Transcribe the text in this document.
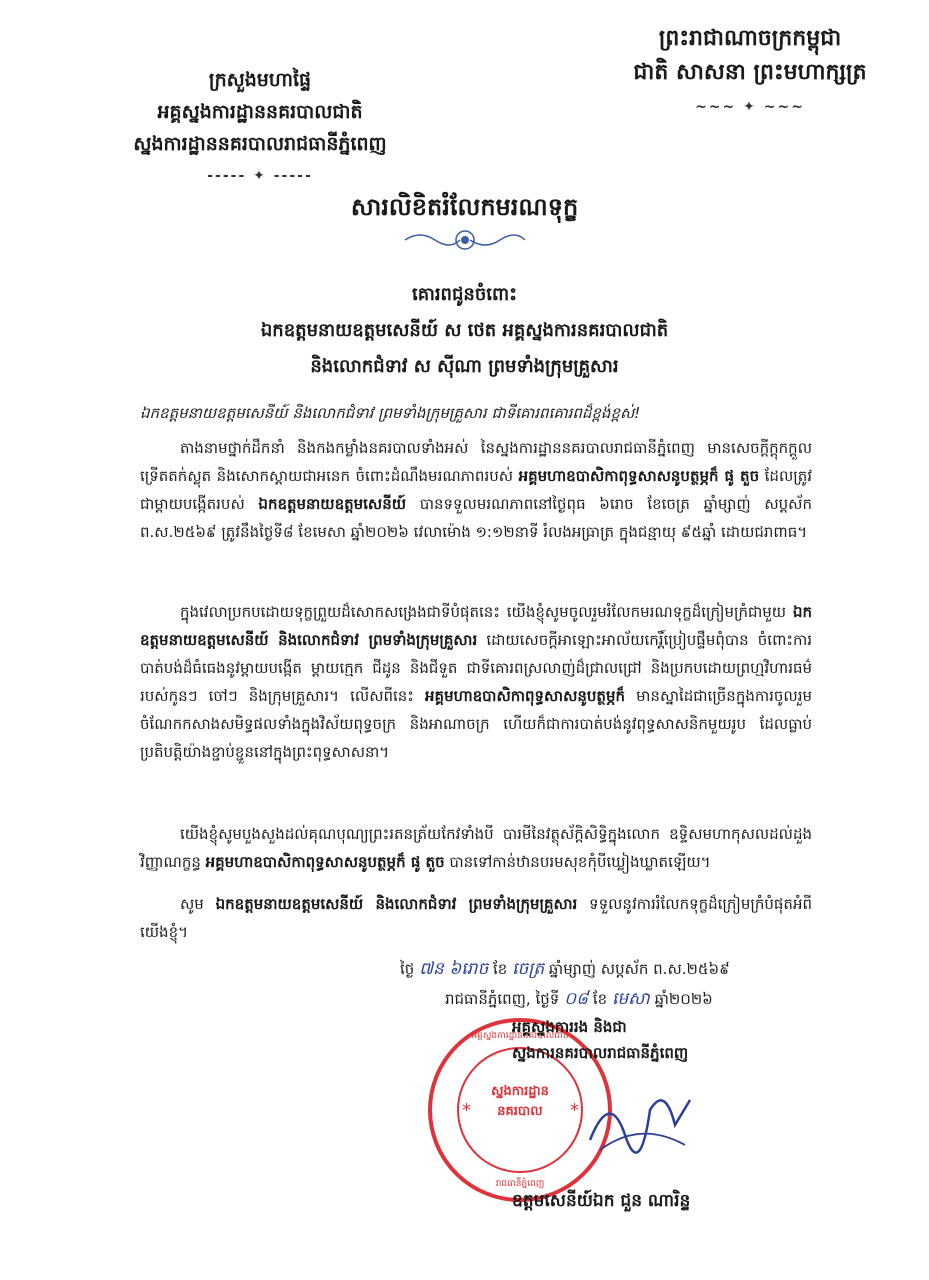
ព្រះរាជាណាចក្រកម្ពុជា
ជាតិ សាសនា ព្រះមហាក្សត្រ
~~~ ✦ ~~~
ក្រសួងមហាផ្ទៃ
អគ្គស្នងការដ្ឋាននគរបាលជាតិ
ស្នងការដ្ឋាននគរបាលរាជធានីភ្នំពេញ
----- ✦ -----
សារលិខិតរំលែកមរណទុក្ខ
គោរពជូនចំពោះ
ឯកឧត្តមនាយឧត្តមសេនីយ៍ ស ថេត អគ្គស្នងការនគរបាលជាតិ
និងលោកជំទាវ ស ស៊ីណា ព្រមទាំងក្រុមគ្រួសារ
ឯកឧត្តមនាយឧត្តមសេនីយ៍ និងលោកជំទាវ ព្រមទាំងក្រុមគ្រួសារ ជាទីគោរពគោរពដ៏ខ្ពង់ខ្ពស់!
តាងនាមថ្នាក់ដឹកនាំ និងកងកម្លាំងនគរបាលទាំងអស់ នៃស្នងការដ្ឋាននគរបាលរាជធានីភ្នំពេញ មានសេចក្តីក្តុកក្តួល ទ្រើតតក់ស្លុត និងសោកស្តាយជាអនេក ចំពោះដំណឹងមរណភាពរបស់ អគ្គមហាឧបាសិកាពុទ្ធសាសនូបត្ថម្ភក៏ ផូ តួច ដែលត្រូវជាម្តាយបង្កើតរបស់ ឯកឧត្តមនាយឧត្តមសេនីយ៍ បានទទួលមរណភាពនៅថ្ងៃពុធ ៦រោច ខែចេត្រ ឆ្នាំម្សាញ់ សប្តស័ក ព.ស.២៥៦៩ ត្រូវនឹងថ្ងៃទី៨ ខែមេសា ឆ្នាំ២០២៦ វេលាម៉ោង ១:១២នាទី រំលងអធ្រាត្រ ក្នុងជន្មាយុ ៩៥ឆ្នាំ ដោយជរាពាធ។
ក្នុងវេលាប្រកបដោយទុក្ខព្រួយដ៏សោកសង្រេងជាទីបំផុតនេះ យើងខ្ញុំសូមចូលរួមរំលែកមរណទុក្ខដ៏ក្រៀមក្រំជាមួយ ឯកឧត្តមនាយឧត្តមសេនីយ៍ និងលោកជំទាវ ព្រមទាំងក្រុមគ្រួសារ ដោយសេចក្តីអាឡោះអាល័យកេរ្តិ៍ប្រៀបផ្ទឹមពុំបាន ចំពោះការបាត់បង់ដ៏ធំធេងនូវម្តាយបង្កើត ម្តាយក្មេក ជីដូន និងជីទួត ជាទីគោរពស្រលាញ់ដ៏ជ្រាលជ្រៅ និងប្រកបដោយព្រហ្មវិហារធម៌របស់កូនៗ ចៅៗ និងក្រុមគ្រួសារ។ លើសពីនេះ អគ្គមហាឧបាសិកាពុទ្ធសាសនូបត្ថម្ភក៏ មានស្នាដៃជាច្រើនក្នុងការចូលរួមចំណែកកសាងសមិទ្ធផលទាំងក្នុងវិស័យពុទ្ធចក្រ និងអាណាចក្រ ហើយក៏ជាការបាត់បង់នូវពុទ្ធសាសនិកមួយរូប ដែលធ្លាប់ប្រតិបត្តិយ៉ាងខ្ជាប់ខ្ជួននៅក្នុងព្រះពុទ្ធសាសនា។
យើងខ្ញុំសូមបួងសួងដល់គុណបុណ្យព្រះរតនត្រ័យកែវទាំងបី បារមីនៃវត្ថុស័ក្តិសិទ្ធិក្នុងលោក ឧទ្ទិសមហាកុសលដល់ដួងវិញ្ញាណក្ខន្ធ អគ្គមហាឧបាសិកាពុទ្ធសាសនូបត្ថម្ភក៏ ផូ តួច បានទៅកាន់ឋានបរមសុខកុំបីឃ្លៀងឃ្លាតឡើយ។
សូម ឯកឧត្តមនាយឧត្តមសេនីយ៍ និងលោកជំទាវ ព្រមទាំងក្រុមគ្រួសារ ទទួលនូវការរំលែកទុក្ខដ៏ក្រៀមក្រំបំផុតអំពីយើងខ្ញុំ។
ថ្ងៃ ៧ន ៦រោច ខែ ចេត្រ ឆ្នាំម្សាញ់ សប្តស័ក ព.ស.២៥៦៩
រាជធានីភ្នំពេញ, ថ្ងៃទី ០៨ ខែ មេសា ឆ្នាំ២០២៦
*	*
ស្នងការដ្ឋាន
នគរបាល
អគ្គស្នងការដ្ឋាននគរបាលជាតិ
រាជធានីភ្នំពេញ
អគ្គស្នងការរង និងជា
ស្នងការនគរបាលរាជធានីភ្នំពេញ
ឧត្តមសេនីយ៍ឯក ជួន ណារិន្ទ
